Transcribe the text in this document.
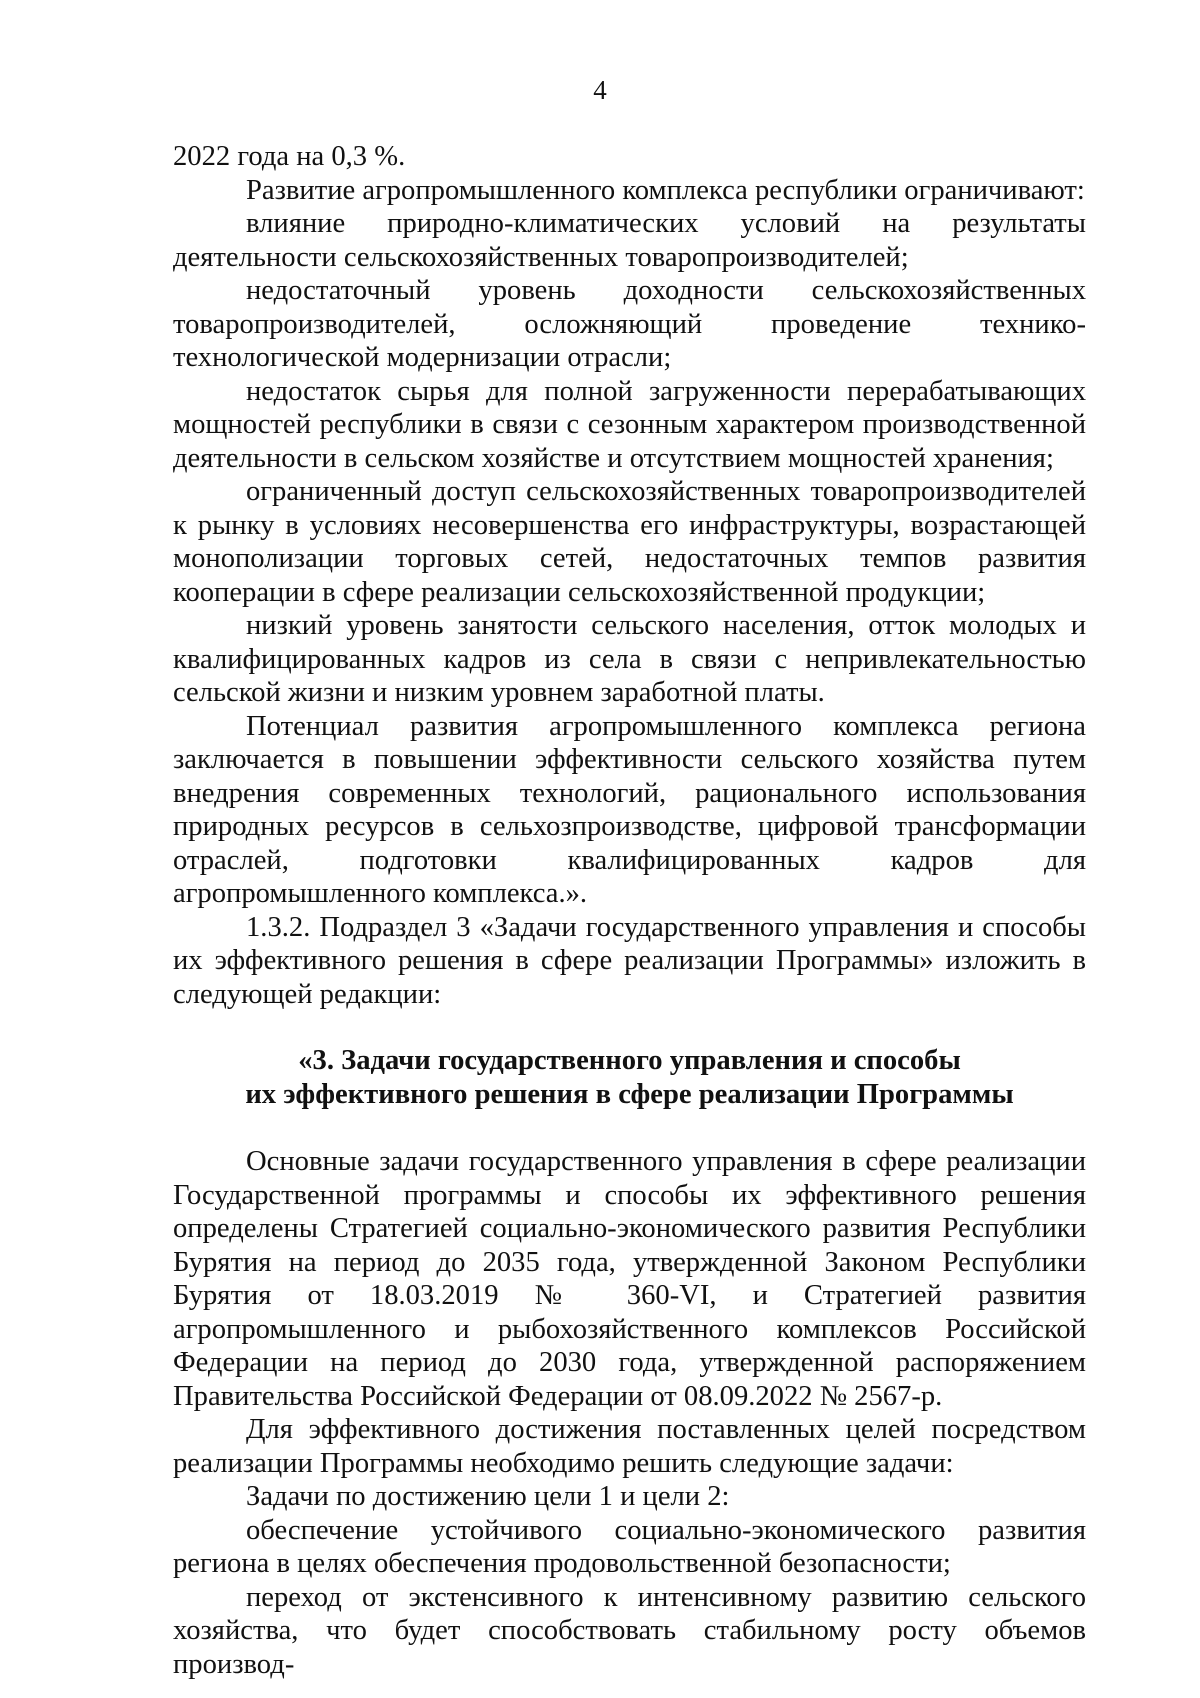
4

2022 года на 0,3 %.

Развитие агропромышленного комплекса республики ограничивают:

влияние природно-климатических условий на результаты деятельности сельскохозяйственных товаропроизводителей;

недостаточный уровень доходности сельскохозяйственных товаропроизводителей, осложняющий проведение технико-технологической модернизации отрасли;

недостаток сырья для полной загруженности перерабатывающих мощностей республики в связи с сезонным характером производственной деятельности в сельском хозяйстве и отсутствием мощностей хранения;

ограниченный доступ сельскохозяйственных товаропроизводителей к рынку в условиях несовершенства его инфраструктуры, возрастающей монополизации торговых сетей, недостаточных темпов развития кооперации в сфере реализации сельскохозяйственной продукции;

низкий уровень занятости сельского населения, отток молодых и квалифицированных кадров из села в связи с непривлекательностью сельской жизни и низким уровнем заработной платы.

Потенциал развития агропромышленного комплекса региона заключается в повышении эффективности сельского хозяйства путем внедрения современных технологий, рационального использования природных ресурсов в сельхозпроизводстве, цифровой трансформации отраслей, подготовки квалифицированных кадров для агропромышленного комплекса.».

1.3.2. Подраздел 3 «Задачи государственного управления и способы их эффективного решения в сфере реализации Программы» изложить в следующей редакции:

«3. Задачи государственного управления и способы
их эффективного решения в сфере реализации Программы

Основные задачи государственного управления в сфере реализации Государственной программы и способы их эффективного решения определены Стратегией социально-экономического развития Республики Бурятия на период до 2035 года, утвержденной Законом Республики Бурятия от 18.03.2019 № 360-VI, и Стратегией развития агропромышленного и рыбохозяйственного комплексов Российской Федерации на период до 2030 года, утвержденной распоряжением Правительства Российской Федерации от 08.09.2022 № 2567-р.

Для эффективного достижения поставленных целей посредством реализации Программы необходимо решить следующие задачи:

Задачи по достижению цели 1 и цели 2:

обеспечение устойчивого социально-экономического развития региона в целях обеспечения продовольственной безопасности;

переход от экстенсивного к интенсивному развитию сельского хозяйства, что будет способствовать стабильному росту объемов производ-
